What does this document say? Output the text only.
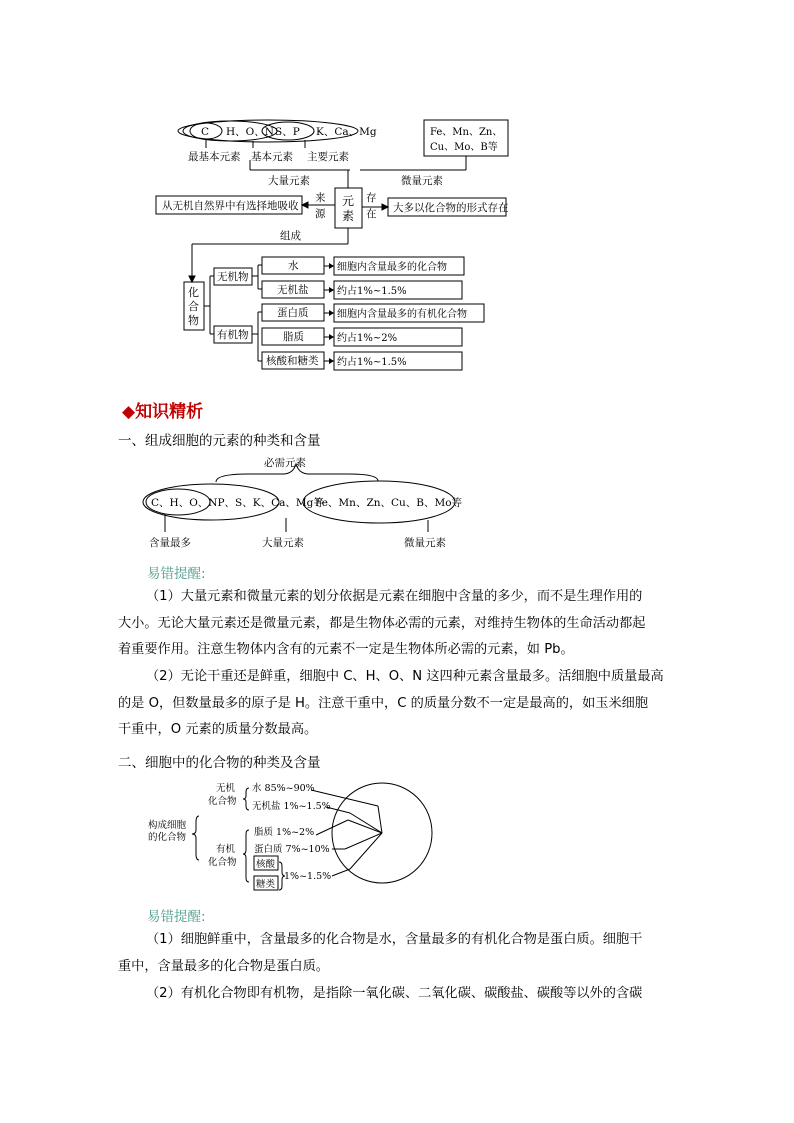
C H、O、N S、P K、Ca、Mg	Fe、Mn、Zn、
Cu、Mo、B等
最基本元素 基本元素 主要元素
大量元素	微量元素
元
素
来
源
存
在
从无机自然界中有选择地吸收	大多以化合物的形式存在
组成
化
合
物
无机物
有机物
水
无机盐
蛋白质
脂质
核酸和糖类
细胞内含量最多的化合物
约占1%~1.5%
细胞内含量最多的有机化合物
约占1%~2%
约占1%~1.5%
◆知识精析
一、组成细胞的元素的种类和含量
必需元素
C、H、O、NP、S、K、Ca、Mg等
Fe、Mn、Zn、Cu、B、Mo等
含量最多	大量元素	微量元素
易错提醒:
（1）大量元素和微量元素的划分依据是元素在细胞中含量的多少，而不是生理作用的
大小。无论大量元素还是微量元素，都是生物体必需的元素，对维持生物体的生命活动都起
着重要作用。注意生物体内含有的元素不一定是生物体所必需的元素，如 Pb。
（2）无论干重还是鲜重，细胞中 C、H、O、N 这四种元素含量最多。活细胞中质量最高
的是 O，但数量最多的原子是 H。注意干重中，C 的质量分数不一定是最高的，如玉米细胞
干重中，O 元素的质量分数最高。
二、细胞中的化合物的种类及含量
构成细胞
的化合物
无机
化合物
有机
化合物
水 85%~90%
无机盐 1%~1.5%
脂质 1%~2%
蛋白质 7%~10%
核酸
糖类
1%~1.5%
易错提醒:
（1）细胞鲜重中，含量最多的化合物是水，含量最多的有机化合物是蛋白质。细胞干
重中，含量最多的化合物是蛋白质。
（2）有机化合物即有机物，是指除一氧化碳、二氧化碳、碳酸盐、碳酸等以外的含碳
